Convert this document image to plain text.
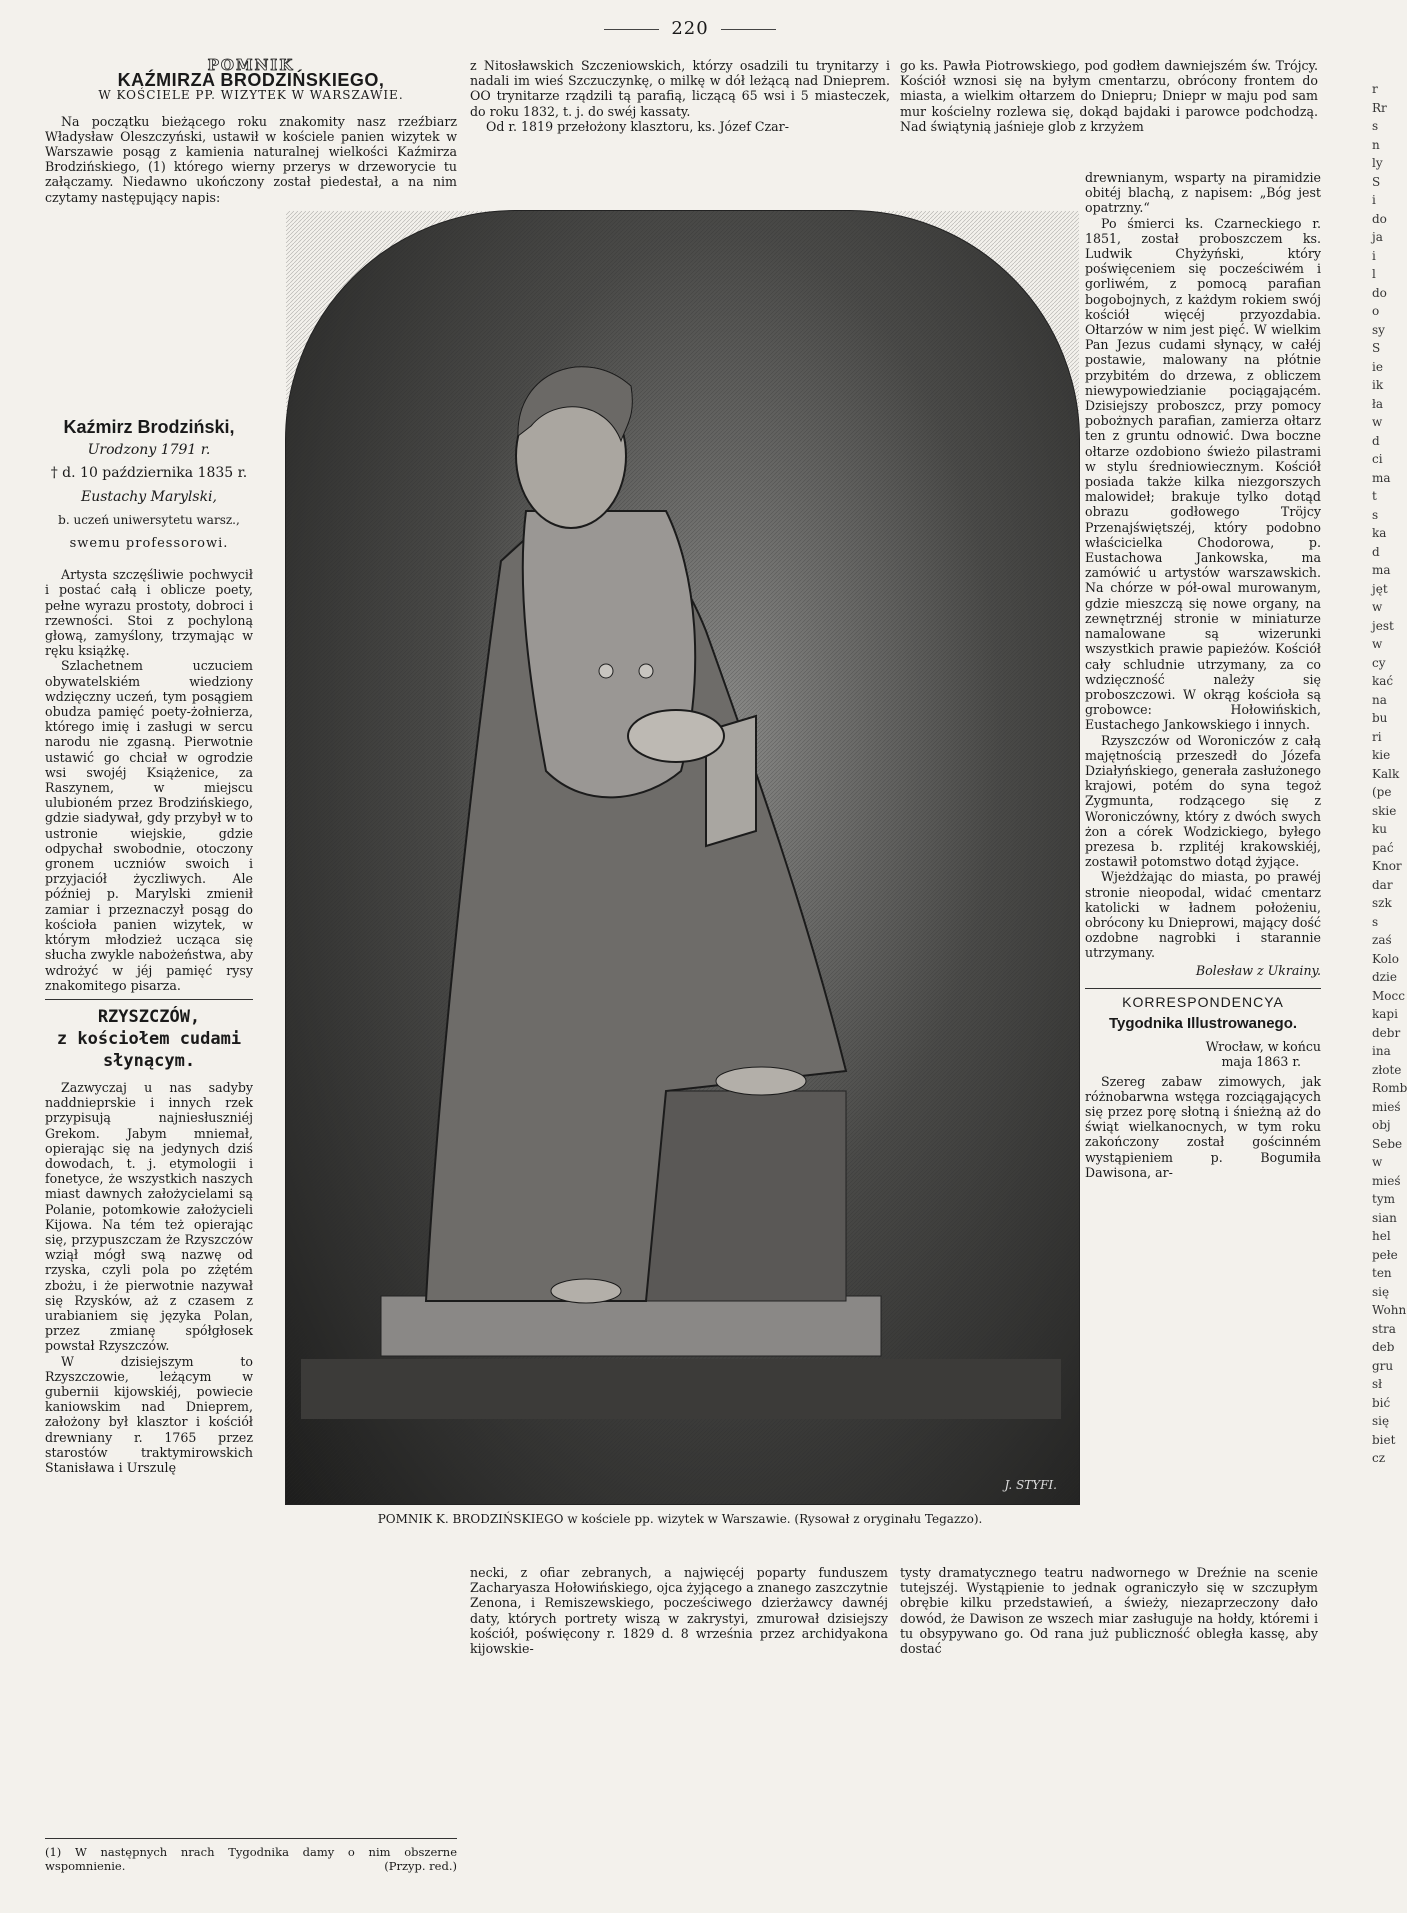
220
POMNIK
KAŹMIRZA BRODZIŃSKIEGO,
W KOŚCIELE PP. WIZYTEK W WARSZAWIE.

Na początku bieżącego roku znakomity nasz rzeźbiarz Władysław Oleszczyński, ustawił w kościele panien wizytek w Warszawie posąg z kamienia naturalnej wielkości Kaźmirza Brodzińskiego, (1) którego wierny przerys w drzeworycie tu załączamy. Niedawno ukończony został piedestał, a na nim czytamy następujący napis:

Kaźmirz Brodziński,
Urodzony 1791 r.
† d. 10 października 1835 r.
Eustachy Marylski,
b. uczeń uniwersytetu warsz.,
swemu professorowi.

Artysta szczęśliwie pochwycił i postać całą i oblicze poety, pełne wyrazu prostoty, dobroci i rzewności. Stoi z pochyloną głową, zamyślony, trzymając w ręku książkę.

Szlachetnem uczuciem obywatelskiém wiedziony wdzięczny uczeń, tym posągiem obudza pamięć poety-żołnierza, którego imię i zasługi w sercu narodu nie zgasną. Pierwotnie ustawić go chciał w ogrodzie wsi swojéj Książenice, za Raszynem, w miejscu ulubioném przez Brodzińskiego, gdzie siadywał, gdy przybył w to ustronie wiejskie, gdzie odpychał swobodnie, otoczony gronem uczniów swoich i przyjaciół życzliwych. Ale później p. Marylski zmienił zamiar i przeznaczył posąg do kościoła panien wizytek, w którym młodzież ucząca się słucha zwykle nabożeństwa, aby wdrożyć w jéj pamięć rysy znakomitego pisarza.

RZYSZCZÓW,
z kościołem cudami
słynącym.

Zazwyczaj u nas sadyby naddnieprskie i innych rzek przypisują najniesłuszniéj Grekom. Jabym mniemał, opierając się na jedynych dziś dowodach, t. j. etymologii i fonetyce, że wszystkich naszych miast dawnych założycielami są Polanie, potomkowie założycieli Kijowa. Na tém też opierając się, przypuszczam że Rzyszczów wziął mógł swą nazwę od rzyska, czyli pola po zżętém zbożu, i że pierwotnie nazywał się Rzysków, aż z czasem z urabianiem się języka Polan, przez zmianę spółgłosek powstał Rzyszczów.

W dzisiejszym to Rzyszczowie, leżącym w gubernii kijowskiéj, powiecie kaniowskim nad Dnieprem, założony był klasztor i kościół drewniany r. 1765 przez starostów traktymirowskich Stanisława i Urszulę

z Nitosławskich Szczeniowskich, którzy osadzili tu trynitarzy i nadali im wieś Szczuczynkę, o milkę w dół leżącą nad Dnieprem. OO trynitarze rządzili tą parafią, liczącą 65 wsi i 5 miasteczek, do roku 1832, t. j. do swéj kassaty.

Od r. 1819 przełożony klasztoru, ks. Józef Czar-

go ks. Pawła Piotrowskiego, pod godłem dawniejszém św. Trójcy. Kościół wznosi się na byłym cmentarzu, obrócony frontem do miasta, a wielkim ołtarzem do Dniepru; Dniepr w maju pod sam mur kościelny rozlewa się, dokąd bajdaki i parowce podchodzą. Nad świątynią jaśnieje glob z krzyżem

J. STYFI.
POMNIK K. BRODZIŃSKIEGO w kościele pp. wizytek w Warszawie. (Rysował z oryginału Tegazzo).

drewnianym, wsparty na piramidzie obitéj blachą, z napisem: „Bóg jest opatrzny.“

Po śmierci ks. Czarneckiego r. 1851, został proboszczem ks. Ludwik Chyżyński, który poświęceniem się pocześciwém i gorliwém, z pomocą parafian bogobojnych, z każdym rokiem swój kościół więcéj przyozdabia. Ołtarzów w nim jest pięć. W wielkim Pan Jezus cudami słynący, w całéj postawie, malowany na płótnie przybitém do drzewa, z obliczem niewypowiedzianie pociągającém. Dzisiejszy proboszcz, przy pomocy pobożnych parafian, zamierza ołtarz ten z gruntu odnowić. Dwa boczne ołtarze ozdobiono świeżo pilastrami w stylu średniowiecznym. Kościół posiada także kilka niezgorszych malowideł; brakuje tylko dotąd obrazu godłowego Tröjcy Przenajświętszéj, który podobno właścicielka Chodorowa, p. Eustachowa Jankowska, ma zamówić u artystów warszawskich. Na chórze w pół-owal murowanym, gdzie mieszczą się nowe organy, na zewnętrznéj stronie w miniaturze namalowane są wizerunki wszystkich prawie papieżów. Kościół cały schludnie utrzymany, za co wdzięczność należy się proboszczowi. W okrąg kościoła są grobowce: Hołowińskich, Eustachego Jankowskiego i innych.

Rzyszczów od Woroniczów z całą majętnością przeszedł do Józefa Działyńskiego, generała zasłużonego krajowi, potém do syna tegoż Zygmunta, rodzącego się z Woroniczówny, który z dwóch swych żon a córek Wodzickiego, byłego prezesa b. rzplitéj krakowskiéj, zostawił potomstwo dotąd żyjące.

Wjeżdżając do miasta, po prawéj stronie nieopodal, widać cmentarz katolicki w ładnem położeniu, obrócony ku Dnieprowi, mający dość ozdobne nagrobki i starannie utrzymany.

Bolesław z Ukrainy.
KORRESPONDENCYA
Tygodnika Illustrowanego.
Wrocław, w końcu
maja 1863 r.

Szereg zabaw zimowych, jak różnobarwna wstęga rozciągających się przez porę słotną i śnieżną aż do świąt wielkanocnych, w tym roku zakończony został gościnném wystąpieniem p. Bogumiła Dawisona, ar-

necki, z ofiar zebranych, a najwięcéj poparty funduszem Zacharyasza Hołowińskiego, ojca żyjącego a znanego zaszczytnie Zenona, i Remiszewskiego, pocześciwego dzierżawcy dawnéj daty, których portrety wiszą w zakrystyi, zmurował dzisiejszy kościół, poświęcony r. 1829 d. 8 września przez archidyakona kijowskie-

tysty dramatycznego teatru nadwornego w Dreźnie na scenie tutejszéj. Wystąpienie to jednak ograniczyło się w szczupłym obrębie kilku przedstawień, a świeży, niezaprzeczony dało dowód, że Dawison ze wszech miar zasługuje na hołdy, któremi i tu obsypywano go. Od rana już publiczność obległa kassę, aby dostać

(1) W następnych nrach Tygodnika damy o nim obszerne wspomnienie.	(Przyp. red.)
r
Rr
s
n
ly
S
i
do
ja
i
l
do
o
sy
S
ie
ik
ła
w
d
ci
ma
t
s
ka
d
ma
jęt
w
jest
w
cy
kać
na
bu
ri
kie
Kalk
(pe
skie
ku
pać
Knor
dar
szk
s
zaś
Kolo
dzie
Mocc
kapi
debr
ina
złote
Romb
mieś
obj
Sebe
w
mieś
tym
sian
hel
pełe
ten
się
Wohn
stra
deb
gru
sł
bić
się
biet
cz
